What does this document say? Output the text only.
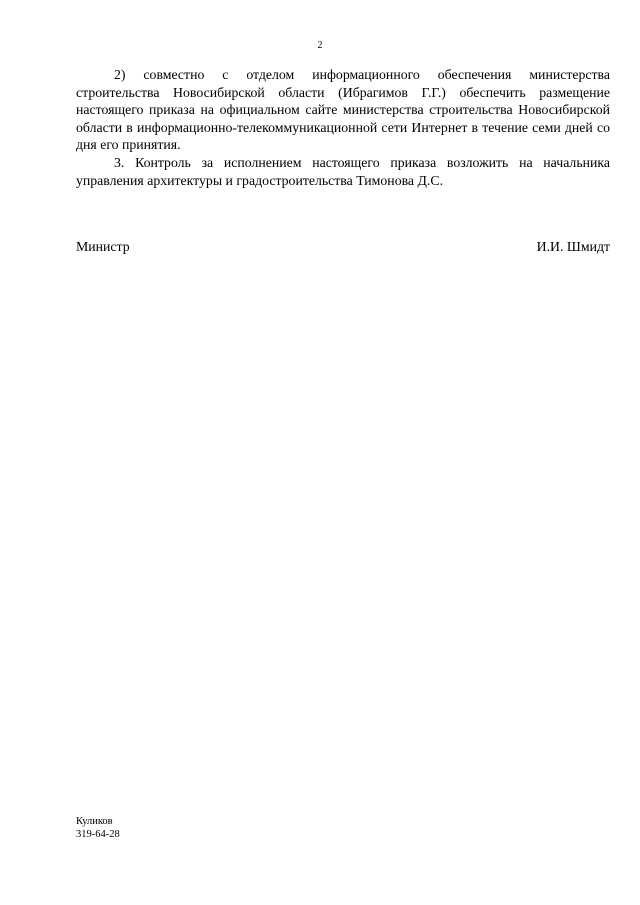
2

2) совместно с отделом информационного обеспечения министерства строительства Новосибирской области (Ибрагимов Г.Г.) обеспечить размещение настоящего приказа на официальном сайте министерства строительства Новосибирской области в информационно-телекоммуникационной сети Интернет в течение семи дней со дня его принятия.

3. Контроль за исполнением настоящего приказа возложить на начальника управления архитектуры и градостроительства Тимонова Д.С.

Министр	И.И. Шмидт
Куликов
319-64-28
